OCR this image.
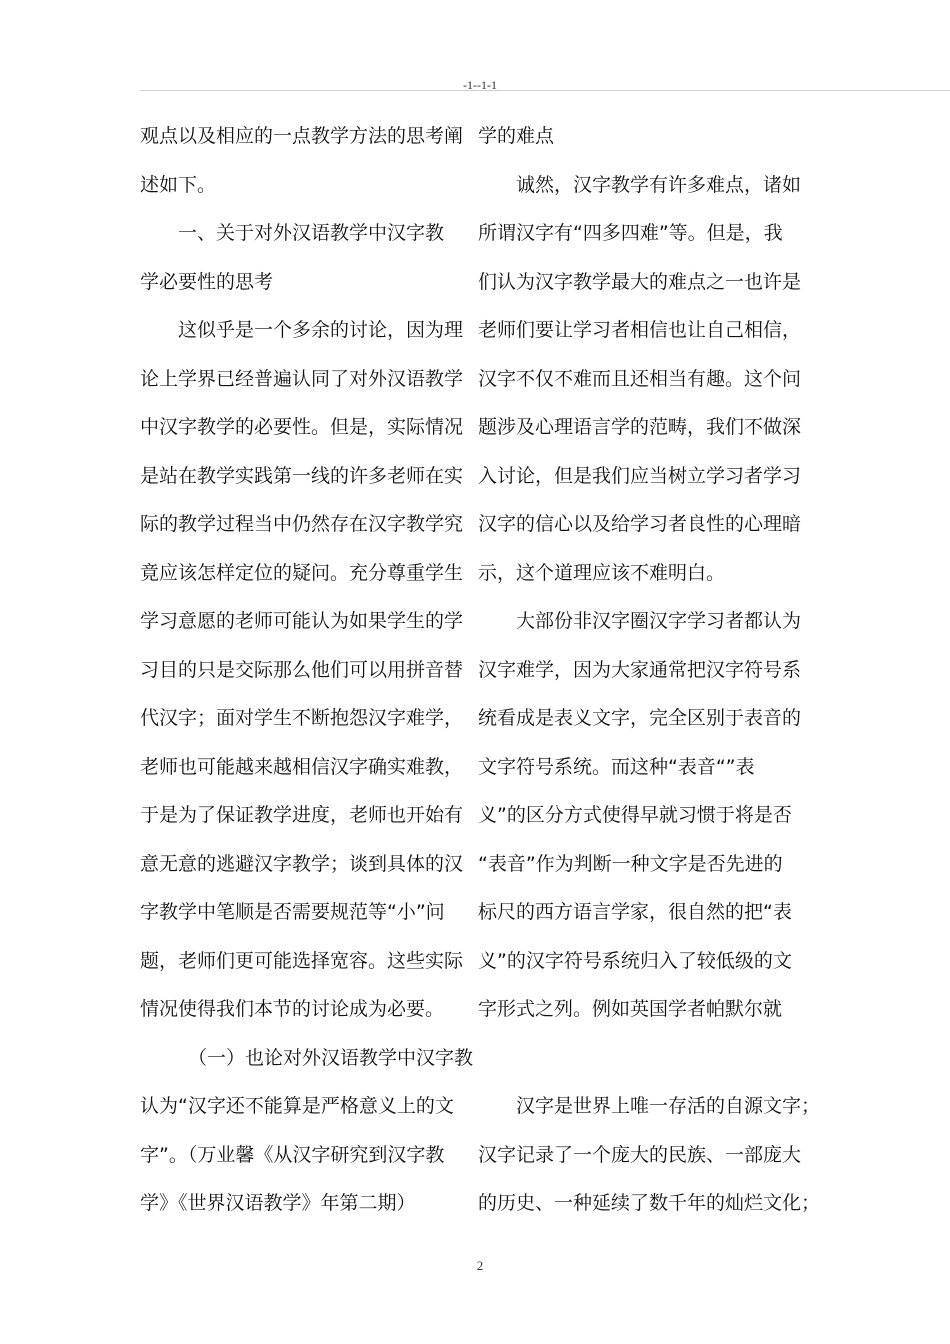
-1--1-1
观点以及相应的一点教学方法的思考阐
述如下。
一、关于对外汉语教学中汉字教
学必要性的思考
这似乎是一个多余的讨论，因为理
论上学界已经普遍认同了对外汉语教学
中汉字教学的必要性。但是，实际情况
是站在教学实践第一线的许多老师在实
际的教学过程当中仍然存在汉字教学究
竟应该怎样定位的疑问。充分尊重学生
学习意愿的老师可能认为如果学生的学
习目的只是交际那么他们可以用拼音替
代汉字；面对学生不断抱怨汉字难学，
老师也可能越来越相信汉字确实难教，
于是为了保证教学进度，老师也开始有
意无意的逃避汉字教学；谈到具体的汉
字教学中笔顺是否需要规范等“小”问
题，老师们更可能选择宽容。这些实际
情况使得我们本节的讨论成为必要。
（一）也论对外汉语教学中汉字教
认为“汉字还不能算是严格意义上的文
字”。（万业馨《从汉字研究到汉字教
学》《世界汉语教学》年第二期）
学的难点
诚然，汉字教学有许多难点，诸如
所谓汉字有“四多四难”等。但是，我
们认为汉字教学最大的难点之一也许是
老师们要让学习者相信也让自己相信，
汉字不仅不难而且还相当有趣。这个问
题涉及心理语言学的范畴，我们不做深
入讨论，但是我们应当树立学习者学习
汉字的信心以及给学习者良性的心理暗
示，这个道理应该不难明白。
大部份非汉字圈汉字学习者都认为
汉字难学，因为大家通常把汉字符号系
统看成是表义文字，完全区别于表音的
文字符号系统。而这种“表音“”表
义”的区分方式使得早就习惯于将是否
“表音”作为判断一种文字是否先进的
标尺的西方语言学家，很自然的把“表
义”的汉字符号系统归入了较低级的文
字形式之列。例如英国学者帕默尔就
汉字是世界上唯一存活的自源文字；
汉字记录了一个庞大的民族、一部庞大
的历史、一种延续了数千年的灿烂文化；
2
